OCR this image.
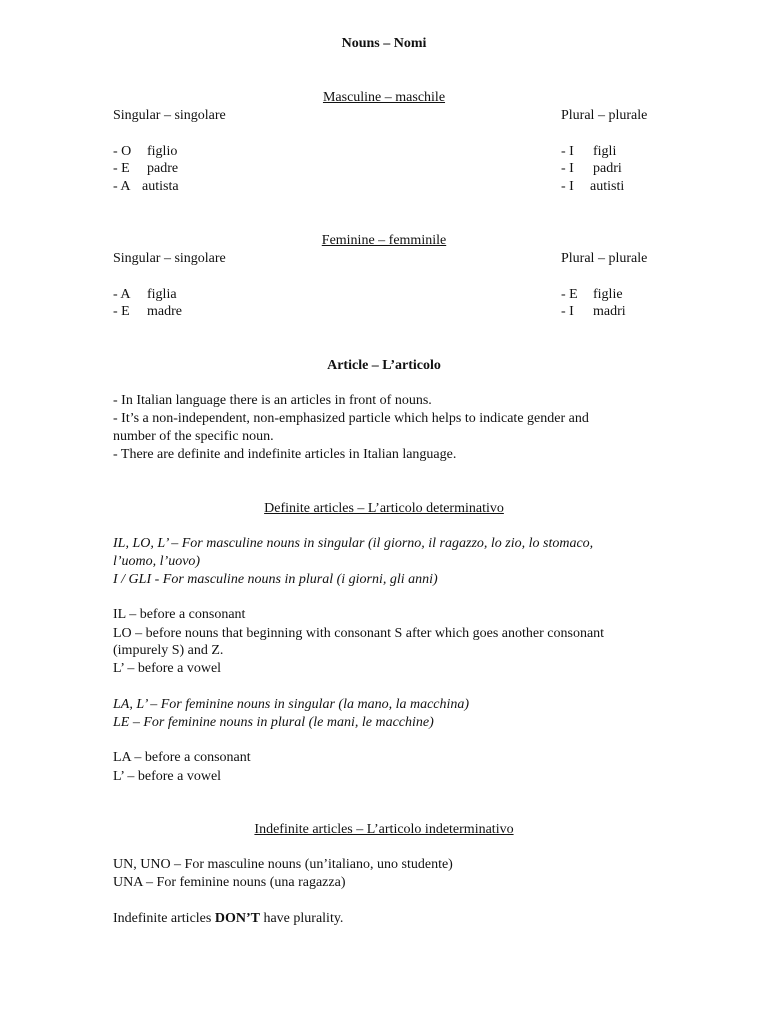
Nouns – Nomi
Masculine – maschile
Singular – singolare	Plural – plurale
- O figlio
- E padre
- A autista
- I figli
- I padri
- I autisti
Feminine – femminile
Singular – singolare	Plural – plurale
- A figlia
- E madre
- E figlie
- I madri
Article – L’articolo
- In Italian language there is an articles in front of nouns.
- It’s a non-independent, non-emphasized particle which helps to indicate gender and
number of the specific noun.
- There are definite and indefinite articles in Italian language.
Definite articles – L’articolo determinativo
IL, LO, L’ – For masculine nouns in singular (il giorno, il ragazzo, lo zio, lo stomaco,
l’uomo, l’uovo)
I / GLI - For masculine nouns in plural (i giorni, gli anni)
IL – before a consonant
LO – before nouns that beginning with consonant S after which goes another consonant
(impurely S) and Z.
L’ – before a vowel
LA, L’ – For feminine nouns in singular (la mano, la macchina)
LE – For feminine nouns in plural (le mani, le macchine)
LA – before a consonant
L’ – before a vowel
Indefinite articles – L’articolo indeterminativo
UN, UNO – For masculine nouns (un’italiano, uno studente)
UNA – For feminine nouns (una ragazza)
Indefinite articles DON’T have plurality.
